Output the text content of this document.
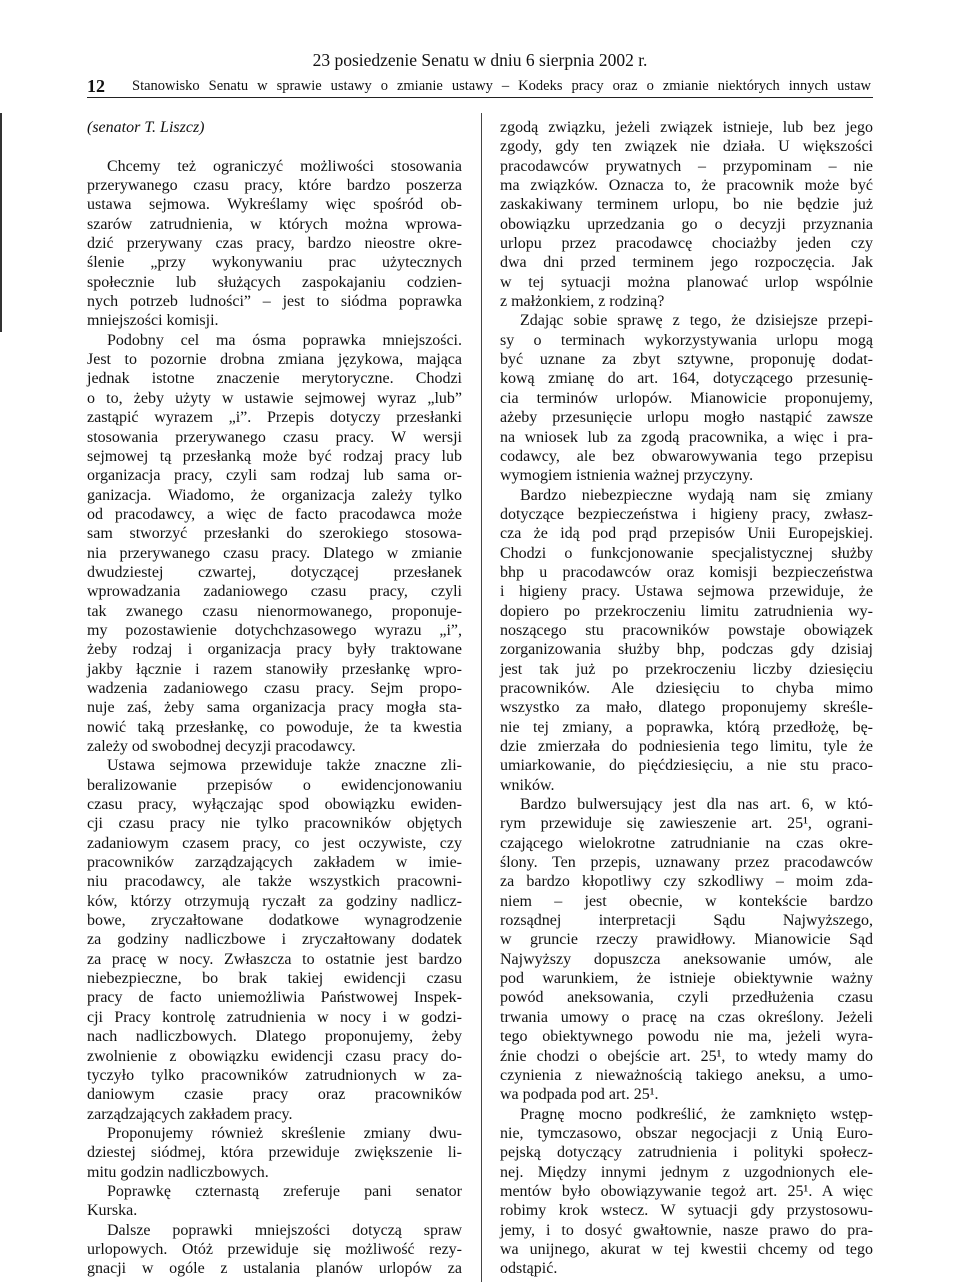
23 posiedzenie Senatu w dniu 6 sierpnia 2002 r.
12 Stanowisko Senatu w sprawie ustawy o zmianie ustawy – Kodeks pracy oraz o zmianie niektórych innych ustaw
(senator T. Liszcz)
Chcemy też ograniczyć możliwości stosowania
przerywanego czasu pracy, które bardzo poszerza
ustawa sejmowa. Wykreślamy więc spośród ob-
szarów zatrudnienia, w których można wprowa-
dzić przerywany czas pracy, bardzo nieostre okre-
ślenie „przy wykonywaniu prac użytecznych
społecznie lub służących zaspokajaniu codzien-
nych potrzeb ludności” – jest to siódma poprawka
mniejszości komisji.
Podobny cel ma ósma poprawka mniejszości.
Jest to pozornie drobna zmiana językowa, mająca
jednak istotne znaczenie merytoryczne. Chodzi
o to, żeby użyty w ustawie sejmowej wyraz „lub”
zastąpić wyrazem „i”. Przepis dotyczy przesłanki
stosowania przerywanego czasu pracy. W wersji
sejmowej tą przesłanką może być rodzaj pracy lub
organizacja pracy, czyli sam rodzaj lub sama or-
ganizacja. Wiadomo, że organizacja zależy tylko
od pracodawcy, a więc de facto pracodawca może
sam stworzyć przesłanki do szerokiego stosowa-
nia przerywanego czasu pracy. Dlatego w zmianie
dwudziestej czwartej, dotyczącej przesłanek
wprowadzania zadaniowego czasu pracy, czyli
tak zwanego czasu nienormowanego, proponuje-
my pozostawienie dotychchzasowego wyrazu „i”,
żeby rodzaj i organizacja pracy były traktowane
jakby łącznie i razem stanowiły przesłankę wpro-
wadzenia zadaniowego czasu pracy. Sejm propo-
nuje zaś, żeby sama organizacja pracy mogła sta-
nowić taką przesłankę, co powoduje, że ta kwestia
zależy od swobodnej decyzji pracodawcy.
Ustawa sejmowa przewiduje także znaczne zli-
beralizowanie przepisów o ewidencjonowaniu
czasu pracy, wyłączając spod obowiązku ewiden-
cji czasu pracy nie tylko pracowników objętych
zadaniowym czasem pracy, co jest oczywiste, czy
pracowników zarządzających zakładem w imie-
niu pracodawcy, ale także wszystkich pracowni-
ków, którzy otrzymują ryczałt za godziny nadlicz-
bowe, zryczałtowane dodatkowe wynagrodzenie
za godziny nadliczbowe i zryczałtowany dodatek
za pracę w nocy. Zwłaszcza to ostatnie jest bardzo
niebezpieczne, bo brak takiej ewidencji czasu
pracy de facto uniemożliwia Państwowej Inspek-
cji Pracy kontrolę zatrudnienia w nocy i w godzi-
nach nadliczbowych. Dlatego proponujemy, żeby
zwolnienie z obowiązku ewidencji czasu pracy do-
tyczyło tylko pracowników zatrudnionych w za-
daniowym czasie pracy oraz pracowników
zarządzających zakładem pracy.
Proponujemy również skreślenie zmiany dwu-
dziestej siódmej, która przewiduje zwiększenie li-
mitu godzin nadliczbowych.
Poprawkę czternastą zreferuje pani senator
Kurska.
Dalsze poprawki mniejszości dotyczą spraw
urlopowych. Otóż przewiduje się możliwość rezy-
gnacji w ogóle z ustalania planów urlopów za
zgodą związku, jeżeli związek istnieje, lub bez jego
zgody, gdy ten związek nie działa. U większości
pracodawców prywatnych – przypominam – nie
ma związków. Oznacza to, że pracownik może być
zaskakiwany terminem urlopu, bo nie będzie już
obowiązku uprzedzania go o decyzji przyznania
urlopu przez pracodawcę chociażby jeden czy
dwa dni przed terminem jego rozpoczęcia. Jak
w tej sytuacji można planować urlop wspólnie
z małżonkiem, z rodziną?
Zdając sobie sprawę z tego, że dzisiejsze przepi-
sy o terminach wykorzystywania urlopu mogą
być uznane za zbyt sztywne, proponuję dodat-
kową zmianę do art. 164, dotyczącego przesunię-
cia terminów urlopów. Mianowicie proponujemy,
ażeby przesunięcie urlopu mogło nastąpić zawsze
na wniosek lub za zgodą pracownika, a więc i pra-
codawcy, ale bez obwarowywania tego przepisu
wymogiem istnienia ważnej przyczyny.
Bardzo niebezpieczne wydają nam się zmiany
dotyczące bezpieczeństwa i higieny pracy, zwłasz-
cza że idą pod prąd przepisów Unii Europejskiej.
Chodzi o funkcjonowanie specjalistycznej służby
bhp u pracodawców oraz komisji bezpieczeństwa
i higieny pracy. Ustawa sejmowa przewiduje, że
dopiero po przekroczeniu limitu zatrudnienia wy-
noszącego stu pracowników powstaje obowiązek
zorganizowania służby bhp, podczas gdy dzisiaj
jest tak już po przekroczeniu liczby dziesięciu
pracowników. Ale dziesięciu to chyba mimo
wszystko za mało, dlatego proponujemy skreśle-
nie tej zmiany, a poprawka, którą przedłożę, bę-
dzie zmierzała do podniesienia tego limitu, tyle że
umiarkowanie, do pięćdziesięciu, a nie stu praco-
wników.
Bardzo bulwersujący jest dla nas art. 6, w któ-
rym przewiduje się zawieszenie art. 25¹, ograni-
czającego wielokrotne zatrudnianie na czas okre-
ślony. Ten przepis, uznawany przez pracodawców
za bardzo kłopotliwy czy szkodliwy – moim zda-
niem – jest obecnie, w kontekście bardzo
rozsądnej interpretacji Sądu Najwyższego,
w gruncie rzeczy prawidłowy. Mianowicie Sąd
Najwyższy dopuszcza aneksowanie umów, ale
pod warunkiem, że istnieje obiektywnie ważny
powód aneksowania, czyli przedłużenia czasu
trwania umowy o pracę na czas określony. Jeżeli
tego obiektywnego powodu nie ma, jeżeli wyra-
źnie chodzi o obejście art. 25¹, to wtedy mamy do
czynienia z nieważnością takiego aneksu, a umo-
wa podpada pod art. 25¹.
Pragnę mocno podkreślić, że zamknięto wstęp-
nie, tymczasowo, obszar negocjacji z Unią Euro-
pejską dotyczący zatrudnienia i polityki społecz-
nej. Między innymi jednym z uzgodnionych ele-
mentów było obowiązywanie tegoż art. 25¹. A więc
robimy krok wstecz. W sytuacji gdy przystosowu-
jemy, i to dosyć gwałtownie, nasze prawo do pra-
wa unijnego, akurat w tej kwestii chcemy od tego
odstąpić.
